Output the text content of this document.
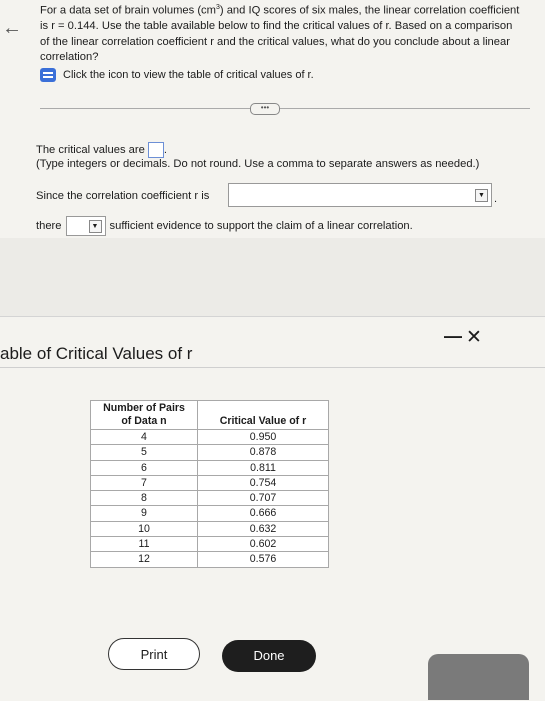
←
For a data set of brain volumes $(cm^3)$ and IQ scores of six males, the linear correlation coefficient is r = 0.144. Use the table available below to find the critical values of r. Based on a comparison of the linear correlation coefficient r and the critical values, what do you conclude about a linear correlation?
Click the icon to view the table of critical values of r.
•••
The critical values are .
(Type integers or decimals. Do not round. Use a comma to separate answers as needed.)
Since the correlation coefficient r is	▼ .
there	▼ sufficient evidence to support the claim of a linear correlation.
able of Critical Values of r
— ✕
Number of Pairs
of Data n	Critical Value of r
4	0.950
5	0.878
6	0.811
7	0.754
8	0.707
9	0.666
10	0.632
11	0.602
12	0.576
Print	Done
